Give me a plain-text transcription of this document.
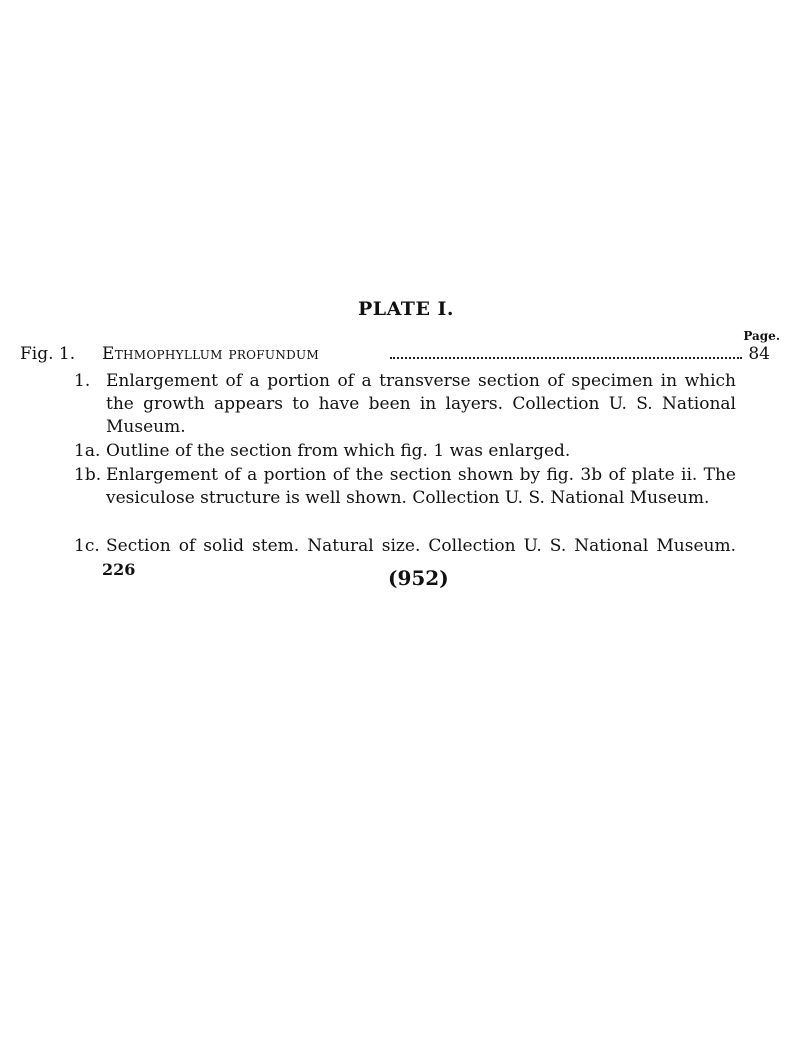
PLATE I.
Page.
Fig. 1. Ethmophyllum profundum	84
1. Enlargement of a portion of a transverse section of specimen in which the growth appears to have been in layers. Collection U. S. National Museum.
1a. Outline of the section from which fig. 1 was enlarged.
1b. Enlargement of a portion of the section shown by fig. 3b of plate ii. The vesiculose structure is well shown. Collection U. S. National Museum.
1c. Section of solid stem. Natural size. Collection U. S. National Museum.
226	(952)
